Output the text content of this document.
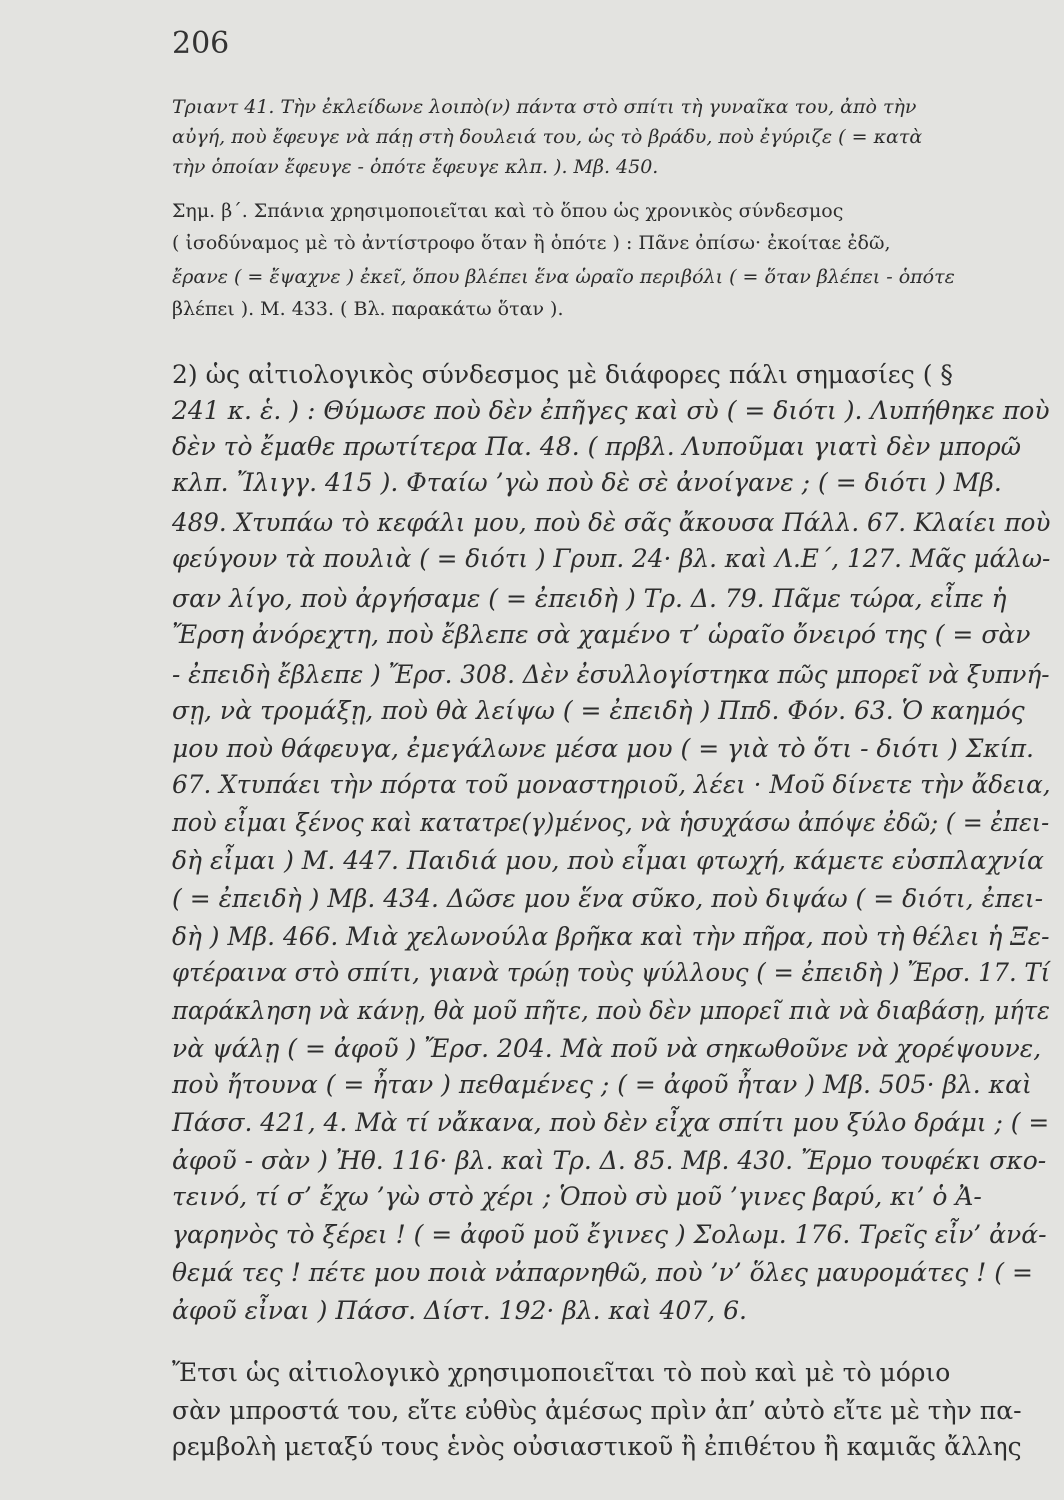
206
Τριαντ 41. Τὴν ἐκλείδωνε λοιπὸ(ν) πάντα στὸ σπίτι τὴ γυναῖκα του, ἀπὸ τὴν
αὐγή, ποὺ ἔφευγε νὰ πάῃ στὴ δουλειά του, ὡς τὸ βράδυ, ποὺ ἐγύριζε ( = κατὰ
τὴν ὁποίαν ἔφευγε - ὁπότε ἔφευγε κλπ. ). Μβ. 450.
Σημ. β΄. Σπάνια χρησιμοποιεῖται καὶ τὸ ὅπου ὡς χρονικὸς σύνδεσμος
( ἰσοδύναμος μὲ τὸ ἀντίστροφο ὅταν ἢ ὁπότε ) : Πᾶνε ὀπίσω· ἐκοίταε ἐδῶ,
ἔρανε ( = ἔψαχνε ) ἐκεῖ, ὅπου βλέπει ἕνα ὡραῖο περιβόλι ( = ὅταν βλέπει - ὁπότε
βλέπει ). Μ. 433. ( Βλ. παρακάτω ὅταν ).
2) ὡς αἰτιολογικὸς σύνδεσμος μὲ διάφορες πάλι σημασίες ( §
241 κ. ἑ. ) : Θύμωσε ποὺ δὲν ἐπῆγες καὶ σὺ ( = διότι ). Λυπήθηκε ποὺ
δὲν τὸ ἔμαθε πρωτίτερα Πα. 48. ( πρβλ. Λυποῦμαι γιατὶ δὲν μπορῶ
κλπ. Ἴλιγγ. 415 ). Φταίω ’γὼ ποὺ δὲ σὲ ἀνοίγανε ; ( = διότι ) Μβ.
489. Χτυπάω τὸ κεφάλι μου, ποὺ δὲ σᾶς ἄκουσα Πάλλ. 67. Κλαίει ποὺ
φεύγουν τὰ πουλιὰ ( = διότι ) Γρυπ. 24· βλ. καὶ Λ.Ε΄, 127. Μᾶς μάλω-
σαν λίγο, ποὺ ἀργήσαμε ( = ἐπειδὴ ) Τρ. Δ. 79. Πᾶμε τώρα, εἶπε ἡ
Ἔρση ἀνόρεχτη, ποὺ ἔβλεπε σὰ χαμένο τ’ ὡραῖο ὄνειρό της ( = σὰν
- ἐπειδὴ ἔβλεπε ) Ἔρσ. 308. Δὲν ἐσυλλογίστηκα πῶς μπορεῖ νὰ ξυπνή-
σῃ, νὰ τρομάξῃ, ποὺ θὰ λείψω ( = ἐπειδὴ ) Ππδ. Φόν. 63. Ὁ καημός
μου ποὺ θάφευγα, ἐμεγάλωνε μέσα μου ( = γιὰ τὸ ὅτι - διότι ) Σκίπ.
67. Χτυπάει τὴν πόρτα τοῦ μοναστηριοῦ, λέει · Μοῦ δίνετε τὴν ἄδεια,
ποὺ εἶμαι ξένος καὶ κατατρε(γ)μένος, νὰ ἡσυχάσω ἀπόψε ἐδῶ; ( = ἐπει-
δὴ εἶμαι ) Μ. 447. Παιδιά μου, ποὺ εἶμαι φτωχή, κάμετε εὐσπλαχνία
( = ἐπειδὴ ) Μβ. 434. Δῶσε μου ἕνα σῦκο, ποὺ διψάω ( = διότι, ἐπει-
δὴ ) Μβ. 466. Μιὰ χελωνούλα βρῆκα καὶ τὴν πῆρα, ποὺ τὴ θέλει ἡ Ξε-
φτέραινα στὸ σπίτι, γιανὰ τρώῃ τοὺς ψύλλους ( = ἐπειδὴ ) Ἔρσ. 17. Τί
παράκληση νὰ κάνῃ, θὰ μοῦ πῆτε, ποὺ δὲν μπορεῖ πιὰ νὰ διαβάσῃ, μήτε
νὰ ψάλῃ ( = ἀφοῦ ) Ἔρσ. 204. Μὰ ποῦ νὰ σηκωθοῦνε νὰ χορέψουνε,
ποὺ ἤτουνα ( = ἦταν ) πεθαμένες ; ( = ἀφοῦ ἦταν ) Μβ. 505· βλ. καὶ
Πάσσ. 421, 4. Μὰ τί νἄκανα, ποὺ δὲν εἶχα σπίτι μου ξύλο δράμι ; ( =
ἀφοῦ - σὰν ) Ἠθ. 116· βλ. καὶ Τρ. Δ. 85. Μβ. 430. Ἔρμο τουφέκι σκο-
τεινό, τί σ’ ἔχω ’γὼ στὸ χέρι ; Ὁποὺ σὺ μοῦ ’γινες βαρύ, κι’ ὁ Ἀ-
γαρηνὸς τὸ ξέρει ! ( = ἀφοῦ μοῦ ἔγινες ) Σολωμ. 176. Τρεῖς εἶν’ ἀνά-
θεμά τες ! πέτε μου ποιὰ νἀπαρνηθῶ, ποὺ ’ν’ ὅλες μαυρομάτες ! ( =
ἀφοῦ εἶναι ) Πάσσ. Δίστ. 192· βλ. καὶ 407, 6.
Ἔτσι ὡς αἰτιολογικὸ χρησιμοποιεῖται τὸ ποὺ καὶ μὲ τὸ μόριο
σὰν μπροστά του, εἴτε εὐθὺς ἀμέσως πρὶν ἀπ’ αὐτὸ εἴτε μὲ τὴν πα-
ρεμβολὴ μεταξύ τους ἑνὸς οὐσιαστικοῦ ἢ ἐπιθέτου ἢ καμιᾶς ἄλλης
